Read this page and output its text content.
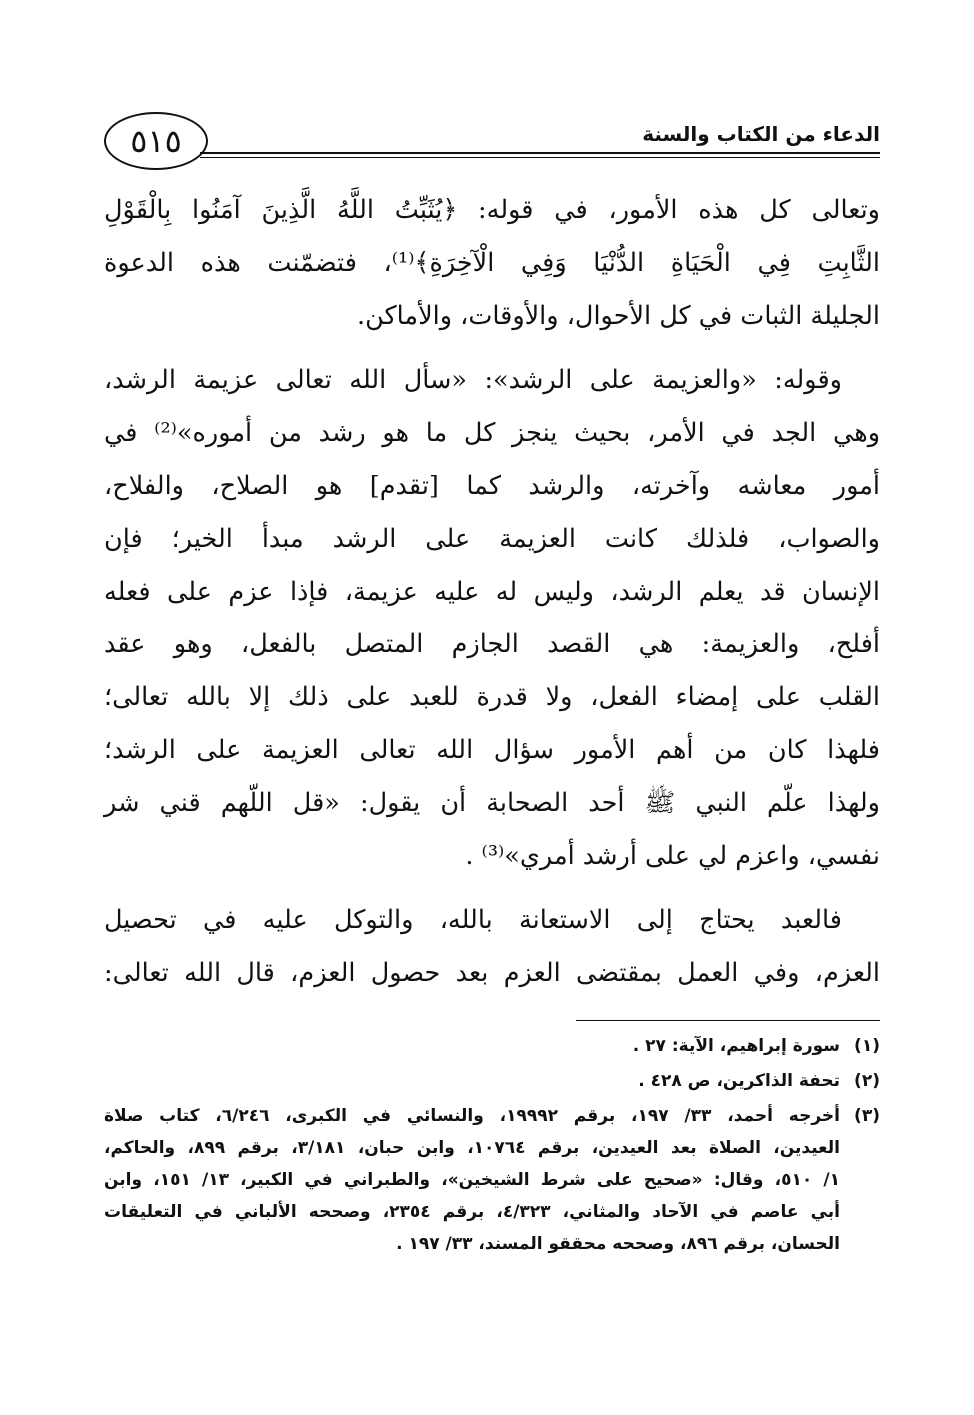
٥١٥	الدعاء من الكتاب والسنة
وتعالى كل هذه الأمور، في قوله: ﴿يُثَبِّتُ اللَّهُ الَّذِينَ آمَنُوا بِالْقَوْلِ
الثَّابِتِ فِي الْحَيَاةِ الدُّنْيَا وَفِي الْآخِرَةِ﴾⁽¹⁾، فتضمّنت هذه الدعوة
الجليلة الثبات في كل الأحوال، والأوقات، والأماكن.
وقوله: «والعزيمة على الرشد»: «سأل الله تعالى عزيمة الرشد،
وهي الجد في الأمر، بحيث ينجز كل ما هو رشد من أموره»⁽²⁾ في
أمور معاشه وآخرته، والرشد كما [تقدم] هو الصلاح، والفلاح،
والصواب، فلذلك كانت العزيمة على الرشد مبدأ الخير؛ فإن
الإنسان قد يعلم الرشد، وليس له عليه عزيمة، فإذا عزم على فعله
أفلح، والعزيمة: هي القصد الجازم المتصل بالفعل، وهو عقد
القلب على إمضاء الفعل، ولا قدرة للعبد على ذلك إلا بالله تعالى؛
فلهذا كان من أهم الأمور سؤال الله تعالى العزيمة على الرشد؛
ولهذا علّم النبي ﷺ أحد الصحابة أن يقول: «قل اللّهم قني شر
نفسي، واعزم لي على أرشد أمري»⁽³⁾ .
فالعبد يحتاج إلى الاستعانة بالله، والتوكل عليه في تحصيل
العزم، وفي العمل بمقتضى العزم بعد حصول العزم، قال الله تعالى:
(١)
سورة إبراهيم، الآية: ٢٧ .
(٢)
تحفة الذاكرين، ص ٤٢٨ .
(٣)
أخرجه أحمد، ٣٣/ ١٩٧، برقم ١٩٩٩٢، والنسائي في الكبرى، ٦/٢٤٦، كتاب صلاة
العيدين، الصلاة بعد العيدين، برقم ١٠٧٦٤، وابن حبان، ٣/١٨١، برقم ٨٩٩، والحاكم،
١/ ٥١٠، وقال: «صحيح على شرط الشيخين»، والطبراني في الكبير، ١٣/ ١٥١، وابن
أبي عاصم في الآحاد والمثاني، ٤/٣٢٣، برقم ٢٣٥٤، وصححه الألباني في التعليقات
الحسان، برقم ٨٩٦، وصححه محققو المسند، ٣٣/ ١٩٧ .
